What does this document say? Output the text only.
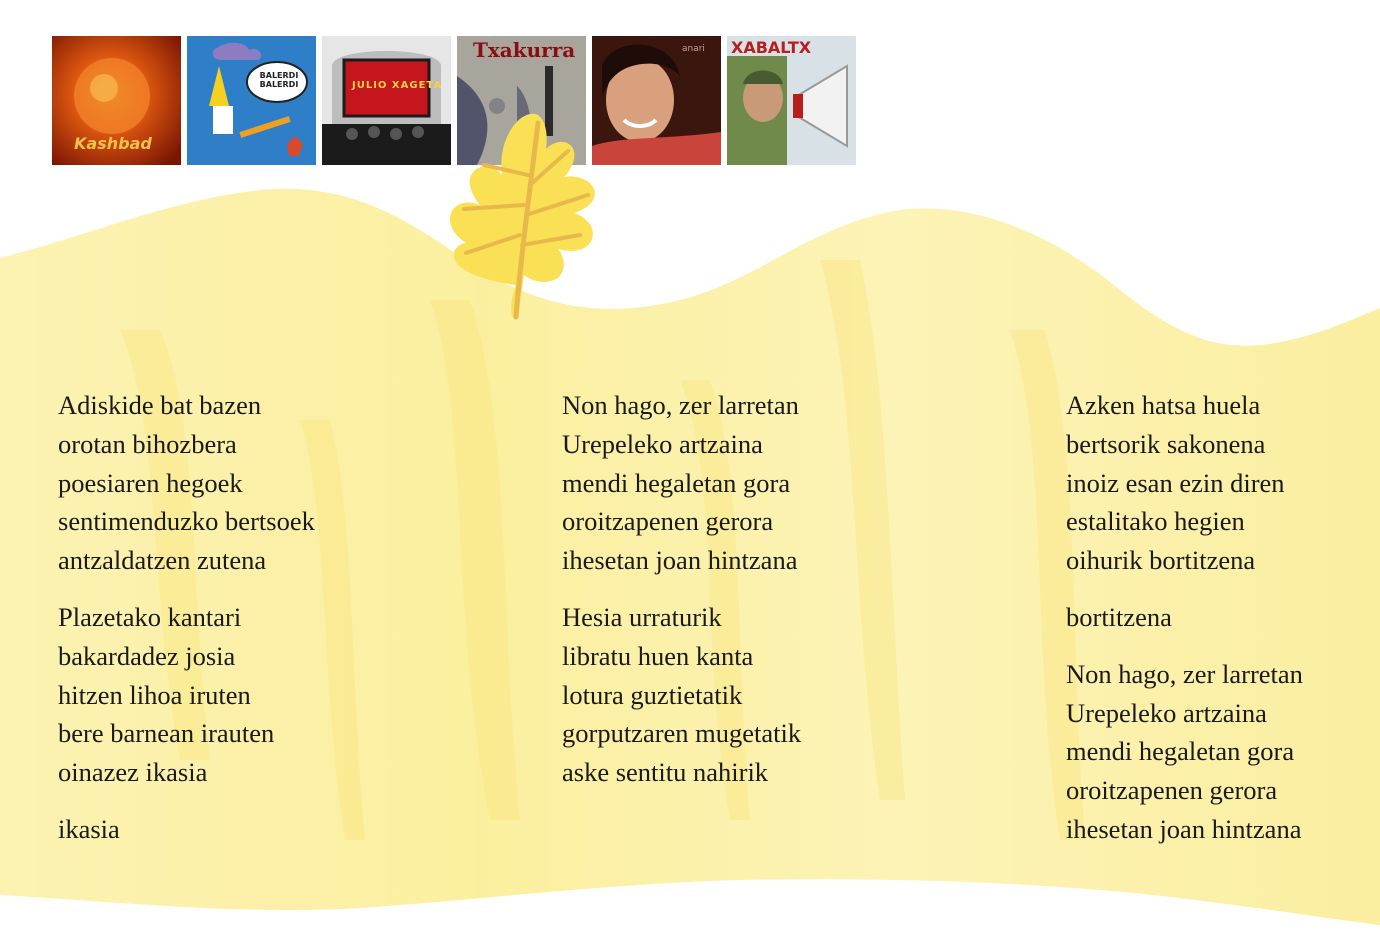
Kashbad
BALERDI BALERDI	JULIO XAGETA
Txakurra	anari XABALTX
Adiskide bat bazen
orotan bihozbera
poesiaren hegoek
sentimenduzko bertsoek
antzaldatzen zutena
Plazetako kantari
bakardadez josia
hitzen lihoa iruten
bere barnean irauten
oinazez ikasia
ikasia
Non hago, zer larretan
Urepeleko artzaina
mendi hegaletan gora
oroitzapenen gerora
ihesetan joan hintzana
Hesia urraturik
libratu huen kanta
lotura guztietatik
gorputzaren mugetatik
aske sentitu nahirik
Azken hatsa huela
bertsorik sakonena
inoiz esan ezin diren
estalitako hegien
oihurik bortitzena
bortitzena
Non hago, zer larretan
Urepeleko artzaina
mendi hegaletan gora
oroitzapenen gerora
ihesetan joan hintzana
